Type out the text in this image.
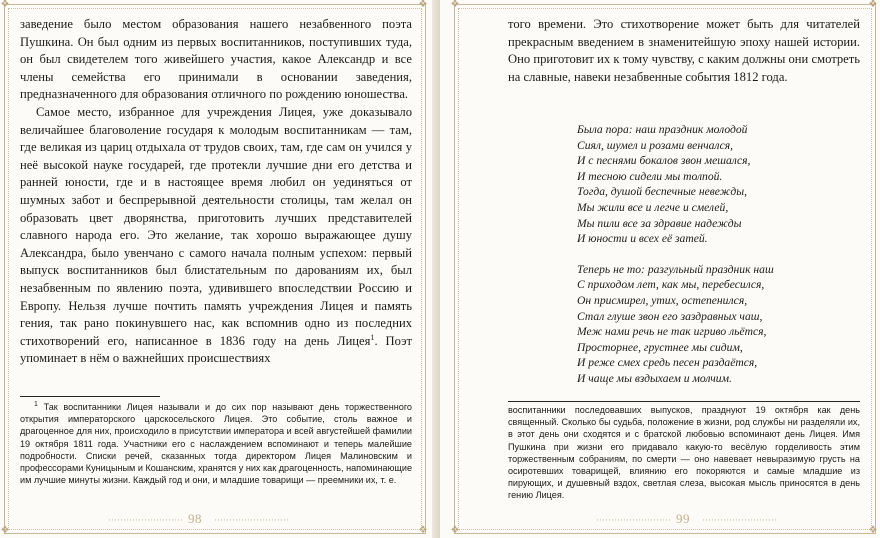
❖	❖
❖	❖

заведение было местом образования нашего незабвенного поэта Пушкина. Он был одним из первых воспитанников, поступивших туда, он был свидетелем того живейшего участия, какое Александр и все члены семейства его принимали в основании заведения, предназначенного для образования отличного по рождению юношества.

Самое место, избранное для учреждения Лицея, уже доказывало величайшее благоволение государя к молодым воспитанникам — там, где великая из цариц отдыхала от трудов своих, там, где сам он учился у неё высокой науке государей, где протекли лучшие дни его детства и ранней юности, где и в настоящее время любил он уединяться от шумных забот и беспрерывной деятельности столицы, там желал он образовать цвет дворянства, приготовить лучших представителей славного народа его. Это желание, так хорошо выражающее душу Александра, было увенчано с самого начала полным успехом: первый выпуск воспитанников был блистательным по дарованиям их, был незабвенным по явлению поэта, удивившего впоследствии Россию и Европу. Нельзя лучше почтить память учреждения Лицея и память гения, так рано покинувшего нас, как вспомнив одно из последних стихотворений его, написанное в 1836 году на день Лицея$^1$. Поэт упоминает в нём о важнейших происшествиях

$^1$ Так воспитанники Лицея называли и до сих пор называют день торжественного открытия императорского царскосельского Лицея. Это событие, столь важное и драгоценное для них, происходило в присутствии императора и всей августейшей фамилии 19 октября 1811 года. Участники его с наслаждением вспоминают и теперь малейшие подробности. Списки речей, сказанных тогда директором Лицея Малиновским и профессорами Куницыным и Кошанским, хранятся у них как драгоценность, напоминающие им лучшие минуты жизни. Каждый год и они, и младшие товарищи — преемники их, т. е.
························· 98 ·························
❖	❖
❖	❖

того времени. Это стихотворение может быть для читателей прекрасным введением в знаменитейшую эпоху нашей истории. Оно приготовит их к тому чувству, с каким должны они смотреть на славные, навеки незабвенные события 1812 года.

Была пора: наш праздник молодой
Сиял, шумел и розами венчался,
И с песнями бокалов звон мешался,
И тесною сидели мы толпой.
Тогда, душой беспечные невежды,
Мы жили все и легче и смелей,
Мы пили все за здравие надежды
И юности и всех её затей.
Теперь не то: разгульный праздник наш
С приходом лет, как мы, перебесился,
Он присмирел, утих, остепенился,
Стал глуше звон его заздравных чаш,
Меж нами речь не так игриво льётся,
Просторнее, грустнее мы сидим,
И реже смех средь песен раздаётся,
И чаще мы вздыхаем и молчим.
воспитанники последовавших выпусков, празднуют 19 октября как день священный. Сколько бы судьба, положение в жизни, род службы ни разделяли их, в этот день они сходятся и с братской любовью вспоминают день Лицея. Имя Пушкина при жизни его придавало какую-то весёлую горделивость этим торжественным собраниям, по смерти — оно навевает невыразимую грусть на осиротевших товарищей, влиянию его покоряются и самые младшие из пирующих, и душевный вздох, светлая слеза, высокая мысль приносятся в день гению Лицея.
························· 99 ·························
